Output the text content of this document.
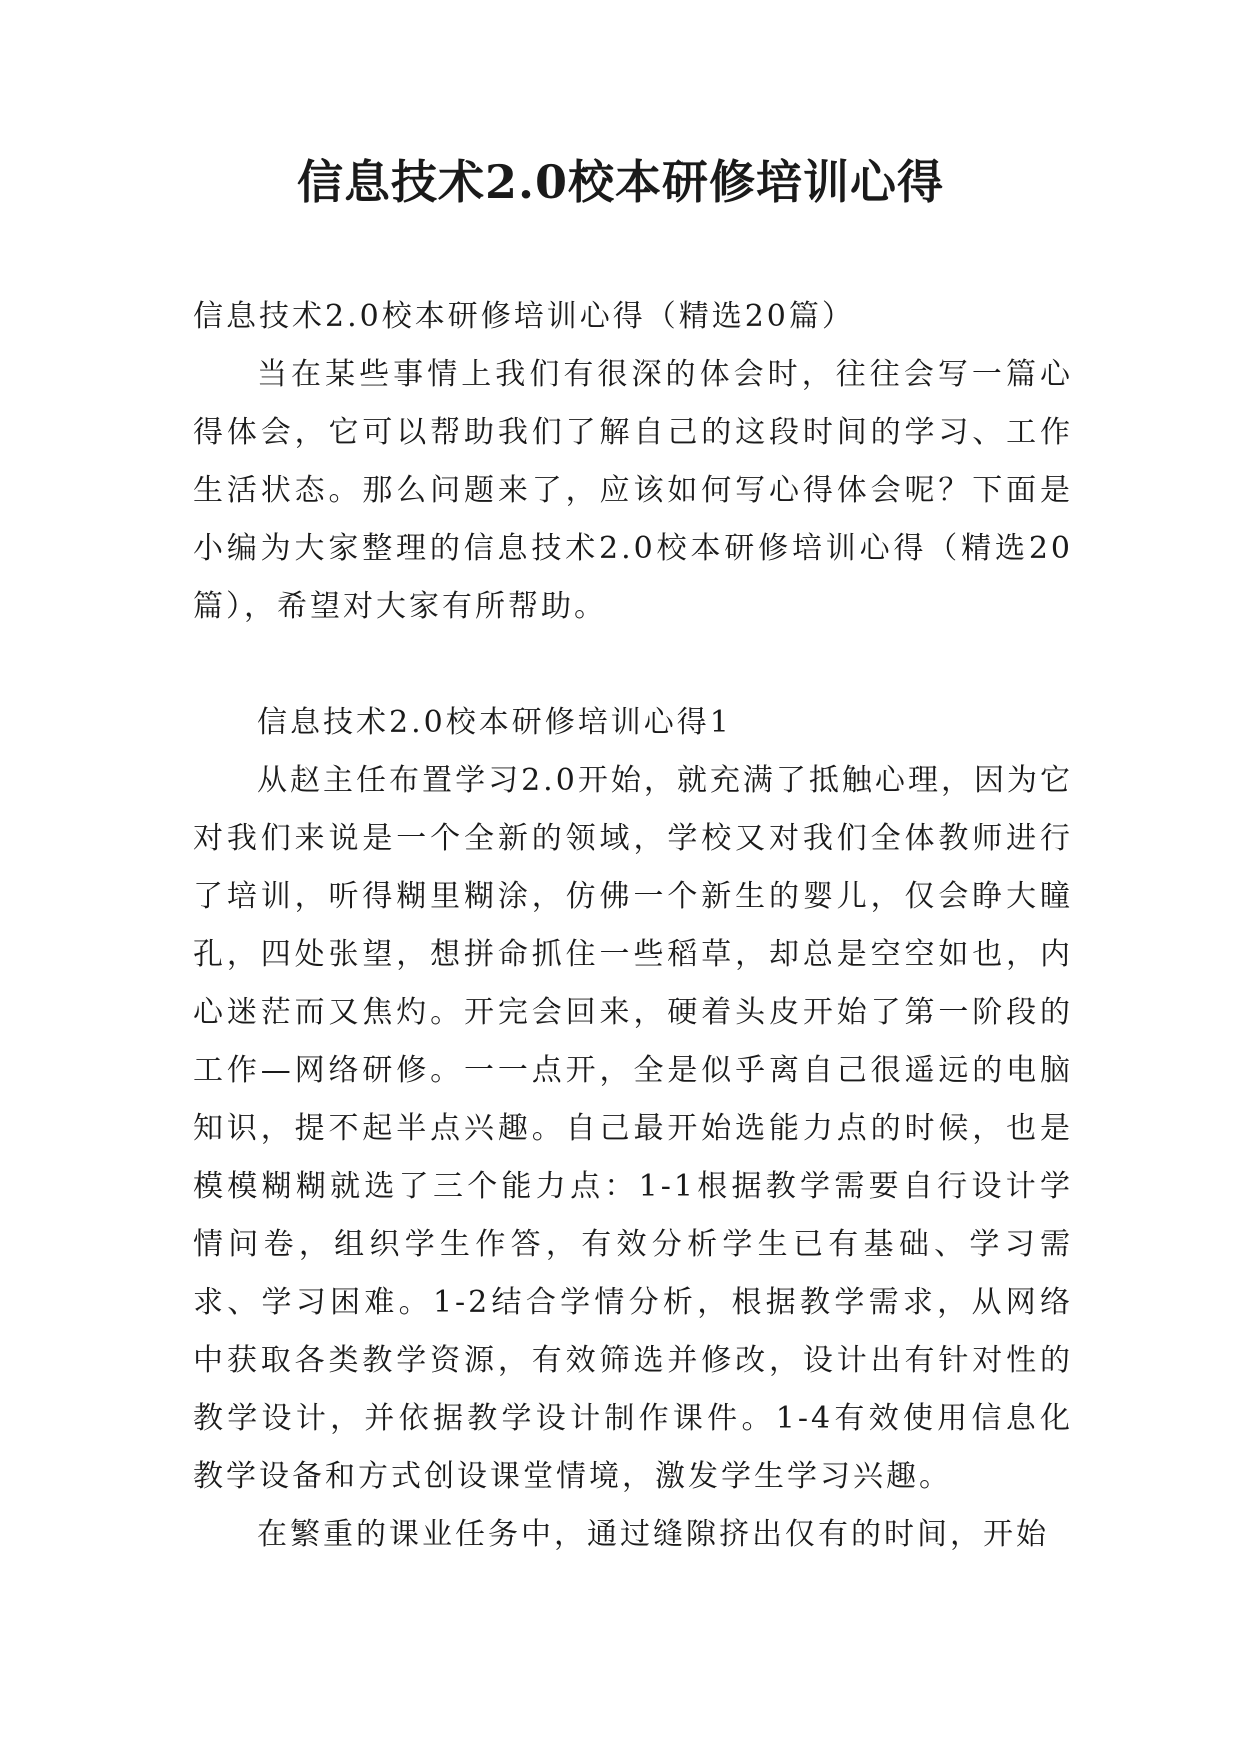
信息技术2.0校本研修培训心得

信息技术2.0校本研修培训心得（精选20篇）

当在某些事情上我们有很深的体会时，往往会写一篇心得体会，它可以帮助我们了解自己的这段时间的学习、工作生活状态。那么问题来了，应该如何写心得体会呢？下面是小编为大家整理的信息技术2.0校本研修培训心得（精选20篇），希望对大家有所帮助。

信息技术2.0校本研修培训心得1

从赵主任布置学习2.0开始，就充满了抵触心理，因为它对我们来说是一个全新的领域，学校又对我们全体教师进行了培训，听得糊里糊涂，仿佛一个新生的婴儿，仅会睁大瞳孔，四处张望，想拼命抓住一些稻草，却总是空空如也，内心迷茫而又焦灼。开完会回来，硬着头皮开始了第一阶段的工作—网络研修。一一点开，全是似乎离自己很遥远的电脑知识，提不起半点兴趣。自己最开始选能力点的时候，也是模模糊糊就选了三个能力点：1-1根据教学需要自行设计学情问卷，组织学生作答，有效分析学生已有基础、学习需求、学习困难。1-2结合学情分析，根据教学需求，从网络中获取各类教学资源，有效筛选并修改，设计出有针对性的教学设计，并依据教学设计制作课件。1-4有效使用信息化教学设备和方式创设课堂情境，激发学生学习兴趣。

在繁重的课业任务中，通过缝隙挤出仅有的时间，开始
